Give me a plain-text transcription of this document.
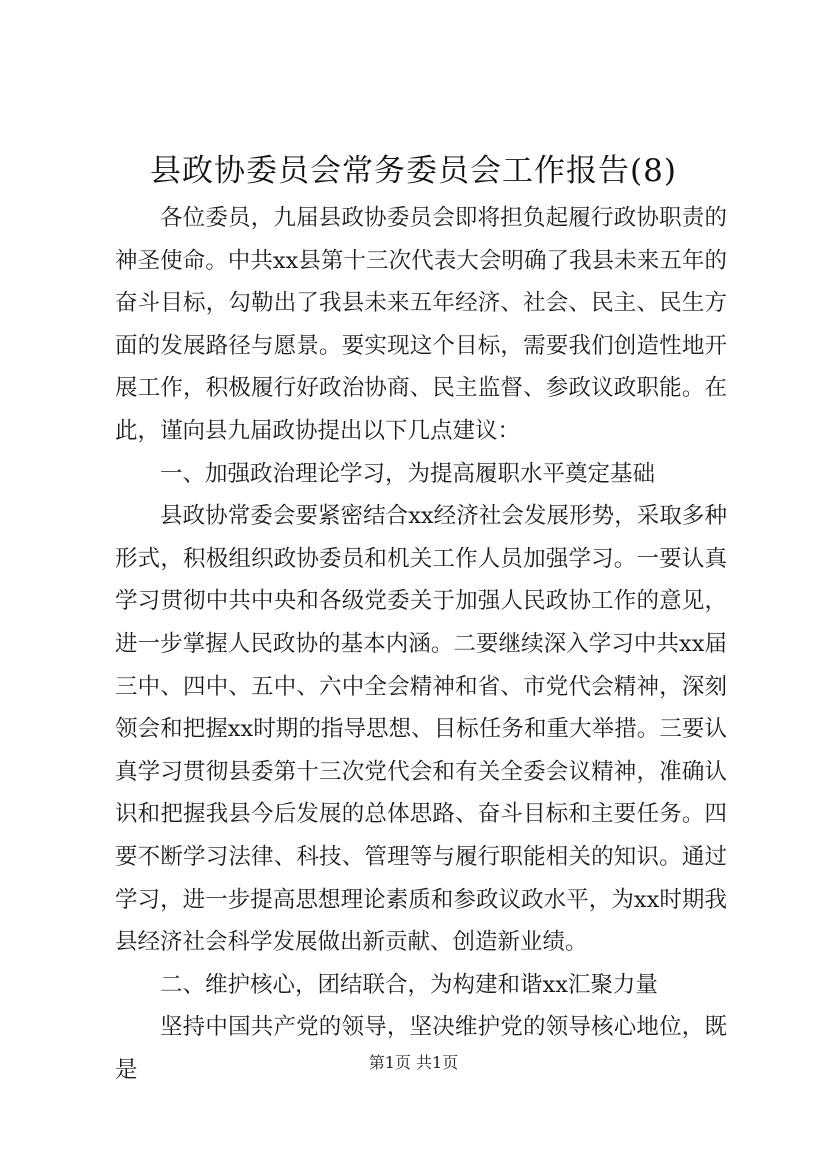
县政协委员会常务委员会工作报告(8)

各位委员，九届县政协委员会即将担负起履行政协职责的神圣使命。中共xx县第十三次代表大会明确了我县未来五年的奋斗目标，勾勒出了我县未来五年经济、社会、民主、民生方面的发展路径与愿景。要实现这个目标，需要我们创造性地开展工作，积极履行好政治协商、民主监督、参政议政职能。在此，谨向县九届政协提出以下几点建议：

一、加强政治理论学习，为提高履职水平奠定基础

县政协常委会要紧密结合xx经济社会发展形势，采取多种形式，积极组织政协委员和机关工作人员加强学习。一要认真学习贯彻中共中央和各级党委关于加强人民政协工作的意见，进一步掌握人民政协的基本内涵。二要继续深入学习中共xx届三中、四中、五中、六中全会精神和省、市党代会精神，深刻领会和把握xx时期的指导思想、目标任务和重大举措。三要认真学习贯彻县委第十三次党代会和有关全委会议精神，准确认识和把握我县今后发展的总体思路、奋斗目标和主要任务。四要不断学习法律、科技、管理等与履行职能相关的知识。通过学习，进一步提高思想理论素质和参政议政水平，为xx时期我县经济社会科学发展做出新贡献、创造新业绩。

二、维护核心，团结联合，为构建和谐xx汇聚力量

坚持中国共产党的领导，坚决维护党的领导核心地位，既是	第1页 共1页
